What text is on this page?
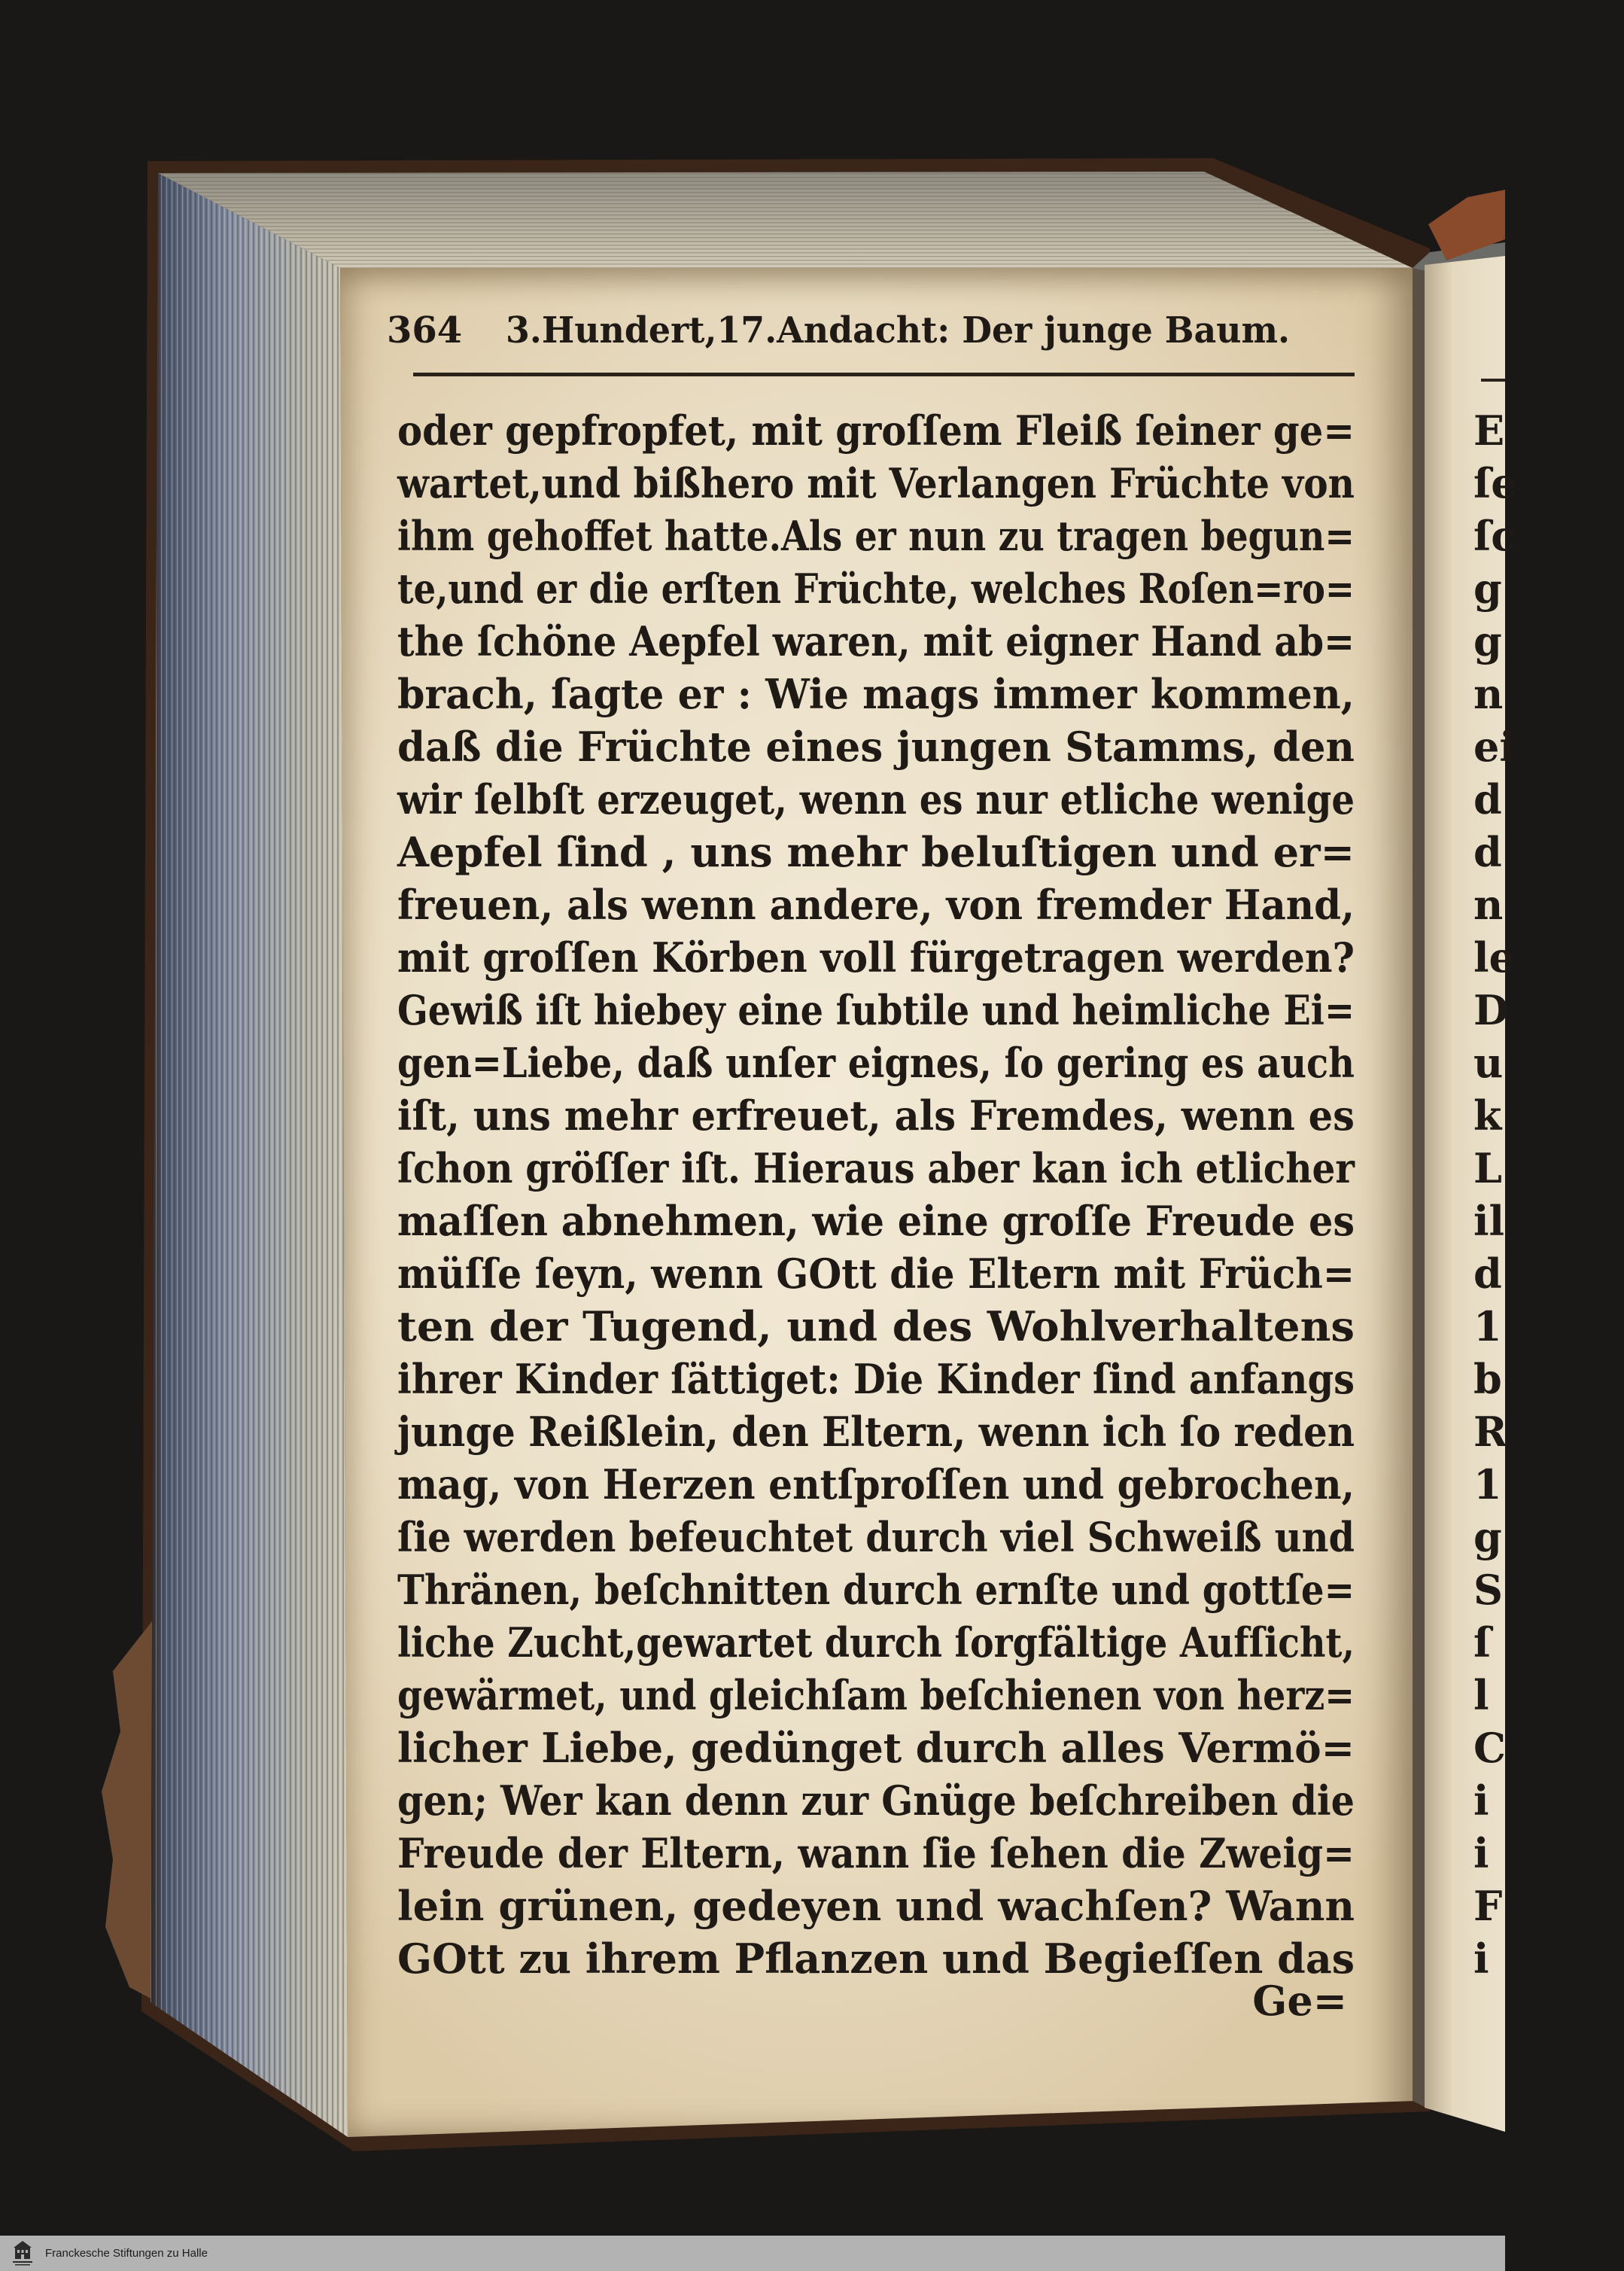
364 3.Hundert,17.Andacht: Der junge Baum.
oder gepfropfet, mit groſſem Fleiß ſeiner ge=
wartet,und bißhero mit Verlangen Früchte von
ihm gehoffet hatte.Als er nun zu tragen begun=
te,und er die erſten Früchte, welches Roſen=ro=
the ſchöne Aepfel waren, mit eigner Hand ab=
brach, ſagte er : Wie mags immer kommen,
daß die Früchte eines jungen Stamms, den
wir ſelbſt erzeuget, wenn es nur etliche wenige
Aepfel ſind , uns mehr beluſtigen und er=
freuen, als wenn andere, von fremder Hand,
mit groſſen Körben voll fürgetragen werden?
Gewiß iſt hiebey eine ſubtile und heimliche Ei=
gen=Liebe, daß unſer eignes, ſo gering es auch
iſt, uns mehr erfreuet, als Fremdes, wenn es
ſchon gröſſer iſt. Hieraus aber kan ich etlicher
maſſen abnehmen, wie eine groſſe Freude es
müſſe ſeyn, wenn GOtt die Eltern mit Früch=
ten der Tugend, und des Wohlverhaltens
ihrer Kinder ſättiget: Die Kinder ſind anfangs
junge Reißlein, den Eltern, wenn ich ſo reden
mag, von Herzen entſproſſen und gebrochen,
ſie werden befeuchtet durch viel Schweiß und
Thränen, beſchnitten durch ernſte und gottſe=
liche Zucht,gewartet durch ſorgfältige Aufſicht,
gewärmet, und gleichſam beſchienen von herz=
licher Liebe, gedünget durch alles Vermö=
gen; Wer kan denn zur Gnüge beſchreiben die
Freude der Eltern, wann ſie ſehen die Zweig=
lein grünen, gedeyen und wachſen? Wann
GOtt zu ihrem Pflanzen und Begieſſen das
Ge=
E
ſe
ſc
g
g
n
ei
d
d
n
le
D
u
k
L
il
d
1
b
R
1
g
S
ſ
l
C
i
i
F
i
Franckesche Stiftungen zu Halle
